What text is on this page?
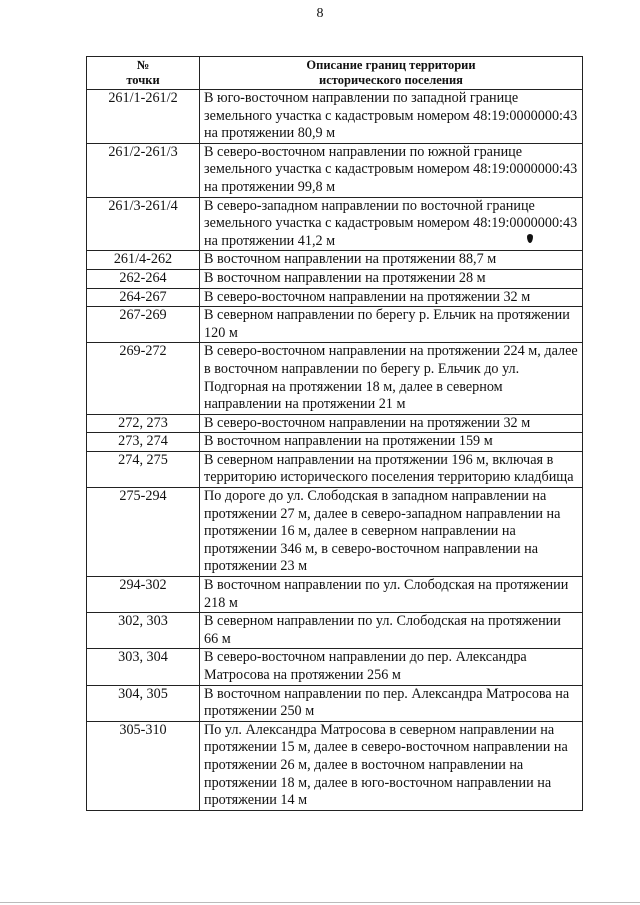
8
№
точки	Описание границ территории
исторического поселения

261/1-261/2	В юго-восточном направлении по западной границе земельного участка с кадастровым номером 48:19:0000000:43 на протяжении 80,9 м
261/2-261/3	В северо-восточном направлении по южной границе земельного участка с кадастровым номером 48:19:0000000:43 на протяжении 99,8 м
261/3-261/4	В северо-западном направлении по восточной границе земельного участка с кадастровым номером 48:19:0000000:43 на протяжении 41,2 м
261/4-262	В восточном направлении на протяжении 88,7 м
262-264	В восточном направлении на протяжении 28 м
264-267	В северо-восточном направлении на протяжении 32 м
267-269	В северном направлении по берегу р. Ельчик на протяжении 120 м
269-272	В северо-восточном направлении на протяжении 224 м, далее в восточном направлении по берегу р. Ельчик до ул. Подгорная на протяжении 18 м, далее в северном направлении на протяжении 21 м
272, 273	В северо-восточном направлении на протяжении 32 м
273, 274	В восточном направлении на протяжении 159 м
274, 275	В северном направлении на протяжении 196 м, включая в территорию исторического поселения территорию кладбища
275-294	По дороге до ул. Слободская в западном направлении на протяжении 27 м, далее в северо-западном направлении на протяжении 16 м, далее в северном направлении на протяжении 346 м, в северо-восточном направлении на протяжении 23 м
294-302	В восточном направлении по ул. Слободская на протяжении 218 м
302, 303	В северном направлении по ул. Слободская на протяжении 66 м
303, 304	В северо-восточном направлении до пер. Александра Матросова на протяжении 256 м
304, 305	В восточном направлении по пер. Александра Матросова на протяжении 250 м
305-310	По ул. Александра Матросова в северном направлении на протяжении 15 м, далее в северо-восточном направлении на протяжении 26 м, далее в восточном направлении на протяжении 18 м, далее в юго-восточном направлении на протяжении 14 м
